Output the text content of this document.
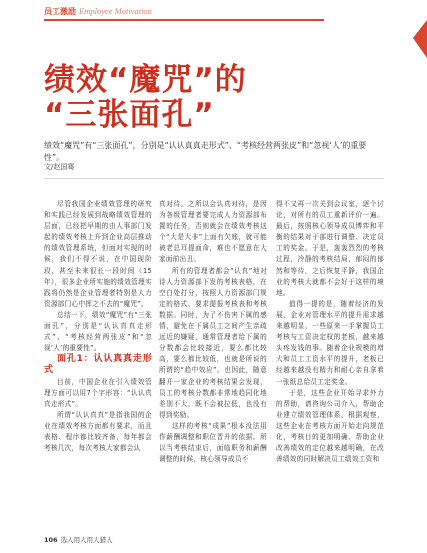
员工激励 Employee Motivation
绩效“魔咒”的
“三张面孔”
绩效“魔咒”有“三张面孔”，分别是“认认真真走形式”、“考核经营两张皮”和“忽视‘人’的重要性”。
文/赵国骞

尽管我国企业绩效管理的研究和实践已经发展到战略绩效管理的层面，已经把早期的由人事部门发起的绩效考核上升到企业高层推动的绩效管理系统，但面对实现的时候，我们不得不说，在中国现阶段，甚至未来很长一段时间（15年），很多企业所实施的绩效管理实践将仍然是企业管理者特别是人力资源部门心中挥之不去的“魔咒”。

总结一下，绩效“魔咒”有“三张面孔”，分别是“认认真真走形式”、“考核经营两张皮”和“忽视‘人’的重要性”。

面孔1：认认真真走形式

目前，中国企业在引入绩效管理方面可以用7个字形容：“认认真真走形式”。

所谓“认认真真”是指我国的企业在绩效考核方面都有要求，而且表格、程序都比较齐备，每年都会考核几次，每次考核大家都会认

真对待。之所以会认真对待，是因为各级管理者要完成人力资源部布置的任务，否则就会在绩效考核这个“大是大非”上面有欠账，就可能被老总耳提面命，难也不愿意在大家面前出丑。

所有的管理者都会“认真”地对待人力资源部下发的考核表格，在空白处打分，按照人力资源部门规定的格式、要求提报考核表和考核数据。同时，为了不伤害下属的感情，避免在下属员工之间产生亲疏远近的嫌疑，通常管理者给下属的分数都会比较接近，要么都比较高，要么都比较低，也就是所说的所谓的“趋中效应”。也因此，随意翻开一家企业的考核结果会发现，员工的考核分数都非常地趋同化地差别不大，既不会被拉低，也没有得到奖励。

这样的考核“成果”根本没法用作薪酬调整和职位晋升的依据。所以当考核结束后，面临职务和薪酬调整的时候，核心领导成员不

得不又再一次关到会议室，逐个讨论，对所有的员工重新评价一遍。最后，按照核心领导成员博弈和平衡的结果对于部进行调整、决定员工的奖金。于是，轰轰烈烈的考核过程，冷静的考核结局，郁闷的郁然和等待，之后恢复平静，我国企业的考核大就都不会好于这样的境地。

值得一提的是，随着经济的发展，企业对管理水平的提升需求越来越明显，一些原来一手掌握员工考核与工资决定权的老板，越来越头疼发钱的事。随着企业规模的增大和员工工资水平的提升，老板已经越来越没有精力和耐心亲自拿着一张纸总给员工定奖金。

于是，这些企业开始寻求外力的帮助，请咨询公司介入，帮助企业建立绩效管理体系。根据观察，这些企业在考核方面开始走向规范化，考核目的更加明确、帮助企业改善绩效的定位越来越明确，在改善绩效的同时解决员工绩效工资和

106 选人用人用人猎人
